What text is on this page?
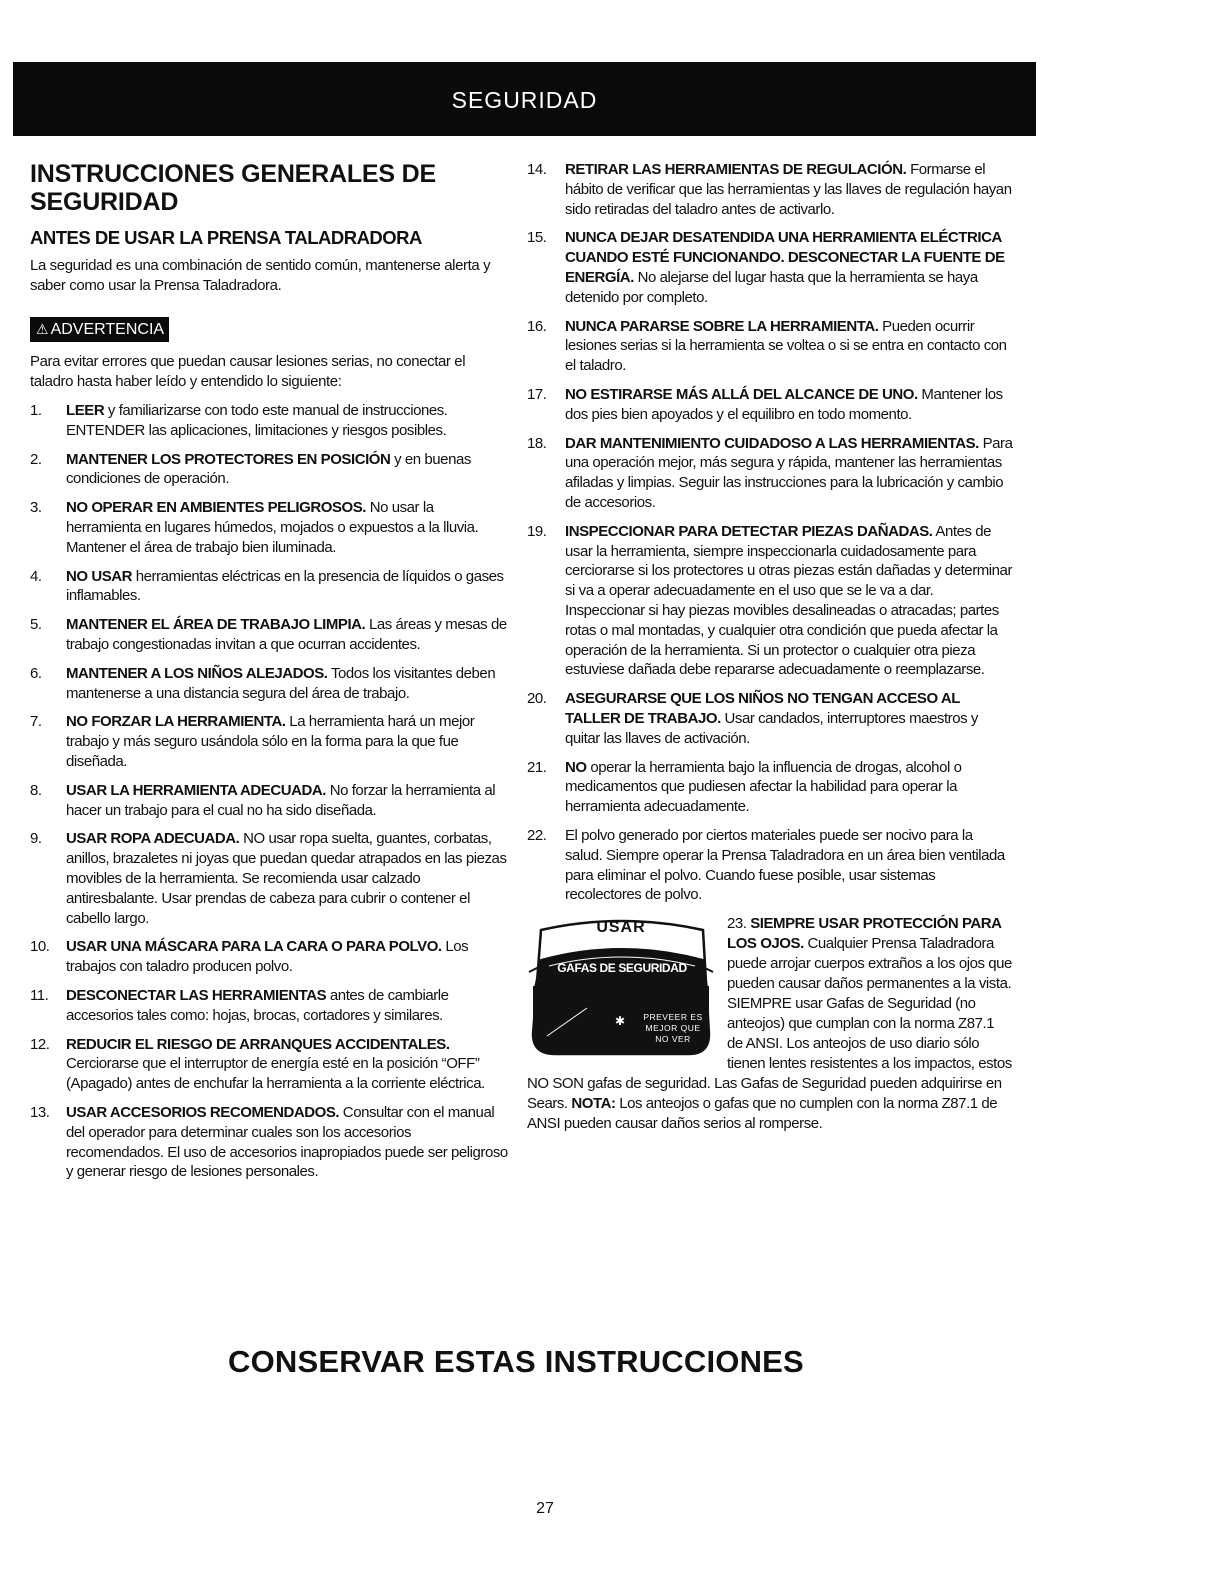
SEGURIDAD
INSTRUCCIONES GENERALES DE
SEGURIDAD
ANTES DE USAR LA PRENSA TALADRADORA

La seguridad es una combinación de sentido común, mantenerse alerta y saber como usar la Prensa Taladradora.

⚠ ADVERTENCIA

Para evitar errores que puedan causar lesiones serias, no conectar el taladro hasta haber leído y entendido lo siguiente:

1. LEER y familiarizarse con todo este manual de instrucciones. ENTENDER las aplicaciones, limitaciones y riesgos posibles.
2. MANTENER LOS PROTECTORES EN POSICIÓN y en buenas condiciones de operación.
3. NO OPERAR EN AMBIENTES PELIGROSOS. No usar la herramienta en lugares húmedos, mojados o expuestos a la lluvia. Mantener el área de trabajo bien iluminada.
4. NO USAR herramientas eléctricas en la presencia de líquidos o gases inflamables.
5. MANTENER EL ÁREA DE TRABAJO LIMPIA. Las áreas y mesas de trabajo congestionadas invitan a que ocurran accidentes.
6. MANTENER A LOS NIÑOS ALEJADOS. Todos los visitantes deben mantenerse a una distancia segura del área de trabajo.
7. NO FORZAR LA HERRAMIENTA. La herramienta hará un mejor trabajo y más seguro usándola sólo en la forma para la que fue diseñada.
8. USAR LA HERRAMIENTA ADECUADA. No forzar la herramienta al hacer un trabajo para el cual no ha sido diseñada.
9. USAR ROPA ADECUADA. NO usar ropa suelta, guantes, corbatas, anillos, brazaletes ni joyas que puedan quedar atrapados en las piezas movibles de la herramienta. Se recomienda usar calzado antiresbalante. Usar prendas de cabeza para cubrir o contener el cabello largo.
10. USAR UNA MÁSCARA PARA LA CARA O PARA POLVO. Los trabajos con taladro producen polvo.
11. DESCONECTAR LAS HERRAMIENTAS antes de cambiarle accesorios tales como: hojas, brocas, cortadores y similares.
12. REDUCIR EL RIESGO DE ARRANQUES ACCIDENTALES. Cerciorarse que el interruptor de energía esté en la posición “OFF” (Apagado) antes de enchufar la herramienta a la corriente eléctrica.
13. USAR ACCESORIOS RECOMENDADOS. Consultar con el manual del operador para determinar cuales son los accesorios recomendados. El uso de accesorios inapropiados puede ser peligroso y generar riesgo de lesiones personales.
14. RETIRAR LAS HERRAMIENTAS DE REGULACIÓN. Formarse el hábito de verificar que las herramientas y las llaves de regulación hayan sido retiradas del taladro antes de activarlo.
15. NUNCA DEJAR DESATENDIDA UNA HERRAMIENTA ELÉCTRICA CUANDO ESTÉ FUNCIONANDO. DESCONECTAR LA FUENTE DE ENERGÍA. No alejarse del lugar hasta que la herramienta se haya detenido por completo.
16. NUNCA PARARSE SOBRE LA HERRAMIENTA. Pueden ocurrir lesiones serias si la herramienta se voltea o si se entra en contacto con el taladro.
17. NO ESTIRARSE MÁS ALLÁ DEL ALCANCE DE UNO. Mantener los dos pies bien apoyados y el equilibro en todo momento.
18. DAR MANTENIMIENTO CUIDADOSO A LAS HERRAMIENTAS. Para una operación mejor, más segura y rápida, mantener las herramientas afiladas y limpias. Seguir las instrucciones para la lubricación y cambio de accesorios.
19. INSPECCIONAR PARA DETECTAR PIEZAS DAÑADAS. Antes de usar la herramienta, siempre inspeccionarla cuidadosamente para cerciorarse si los protectores u otras piezas están dañadas y determinar si va a operar adecuadamente en el uso que se le va a dar. Inspeccionar si hay piezas movibles desalineadas o atracadas; partes rotas o mal montadas, y cualquier otra condición que pueda afectar la operación de la herramienta. Si un protector o cualquier otra pieza estuviese dañada debe repararse adecuadamente o reemplazarse.
20. ASEGURARSE QUE LOS NIÑOS NO TENGAN ACCESO AL TALLER DE TRABAJO. Usar candados, interruptores maestros y quitar las llaves de activación.
21. NO operar la herramienta bajo la influencia de drogas, alcohol o medicamentos que pudiesen afectar la habilidad para operar la herramienta adecuadamente.
22. El polvo generado por ciertos materiales puede ser nocivo para la salud. Siempre operar la Prensa Taladradora en un área bien ventilada para eliminar el polvo. Cuando fuese posible, usar sistemas recolectores de polvo.
USAR
GAFAS DE SEGURIDAD
✱	PREVEER ES
MEJOR QUE
NO VER
23. SIEMPRE USAR PROTECCIÓN PARA LOS OJOS. Cualquier Prensa Taladradora puede arrojar cuerpos extraños a los ojos que pueden causar daños permanentes a la vista. SIEMPRE usar Gafas de Seguridad (no anteojos) que cumplan con la norma Z87.1 de ANSI. Los anteojos de uso diario sólo tienen lentes resistentes a los impactos, estos NO SON gafas de seguridad. Las Gafas de Seguridad pueden adquirirse en Sears. NOTA: Los anteojos o gafas que no cumplen con la norma Z87.1 de ANSI pueden causar daños serios al romperse.
CONSERVAR ESTAS INSTRUCCIONES
27
